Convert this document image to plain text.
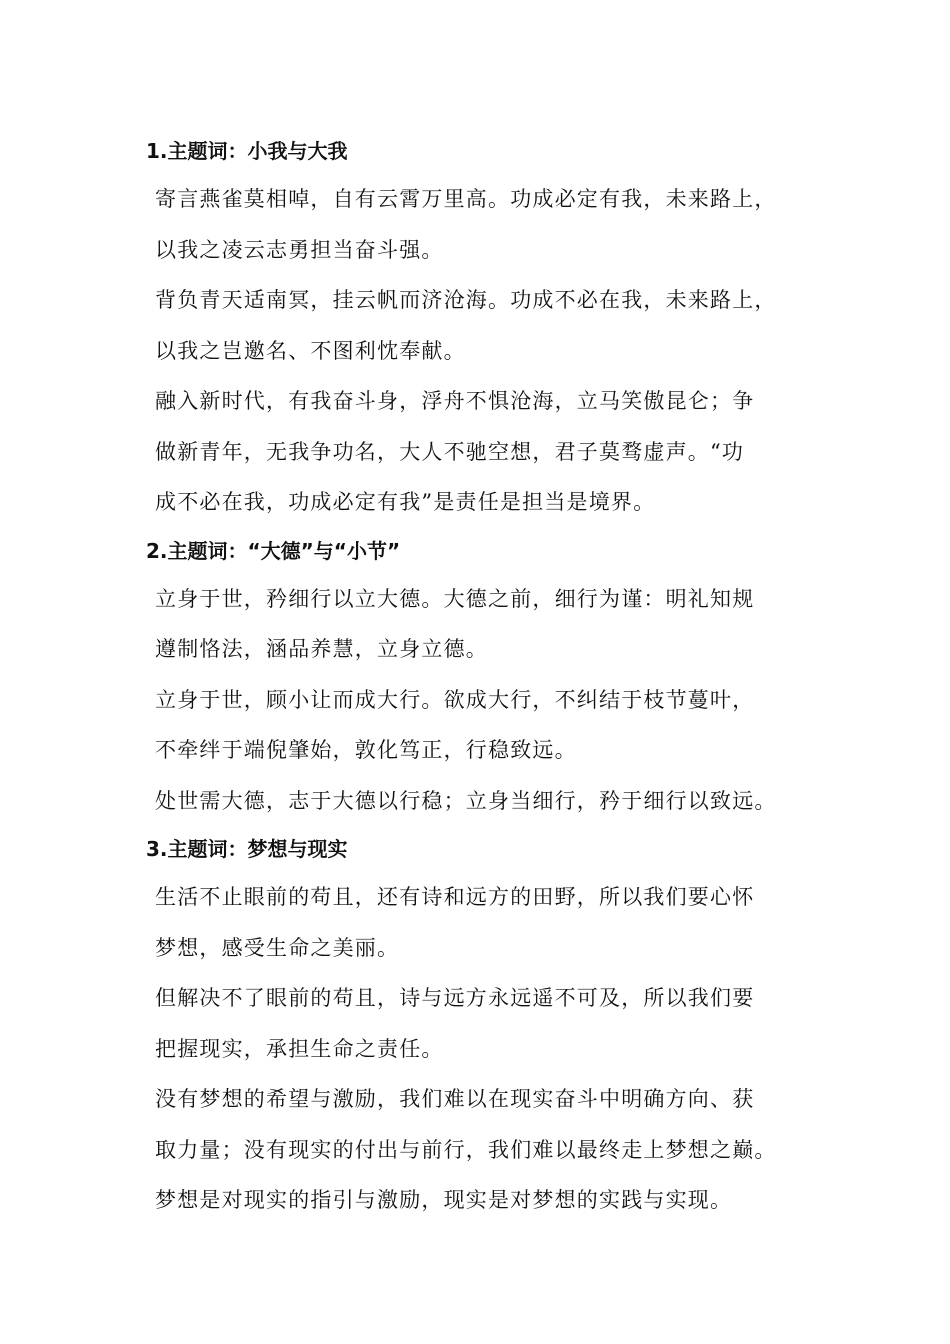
1.主题词：小我与大我

寄言燕雀莫相啅，自有云霄万里高。功成必定有我，未来路上，
以我之凌云志勇担当奋斗强。

背负青天适南冥，挂云帆而济沧海。功成不必在我，未来路上，
以我之岂邀名、不图利忱奉献。

融入新时代，有我奋斗身，浮舟不惧沧海，立马笑傲昆仑；争
做新青年，无我争功名，大人不驰空想，君子莫骛虚声。“功
成不必在我，功成必定有我”是责任是担当是境界。

2.主题词：“大德”与“小节”

立身于世，矜细行以立大德。大德之前，细行为谨：明礼知规
遵制恪法，涵品养慧，立身立德。

立身于世，顾小让而成大行。欲成大行，不纠结于枝节蔓叶，
不牵绊于端倪肇始，敦化笃正，行稳致远。

处世需大德，志于大德以行稳；立身当细行，矜于细行以致远。

3.主题词：梦想与现实

生活不止眼前的苟且，还有诗和远方的田野，所以我们要心怀
梦想，感受生命之美丽。

但解决不了眼前的苟且，诗与远方永远遥不可及，所以我们要
把握现实，承担生命之责任。

没有梦想的希望与激励，我们难以在现实奋斗中明确方向、获
取力量；没有现实的付出与前行，我们难以最终走上梦想之巅。

梦想是对现实的指引与激励，现实是对梦想的实践与实现。
